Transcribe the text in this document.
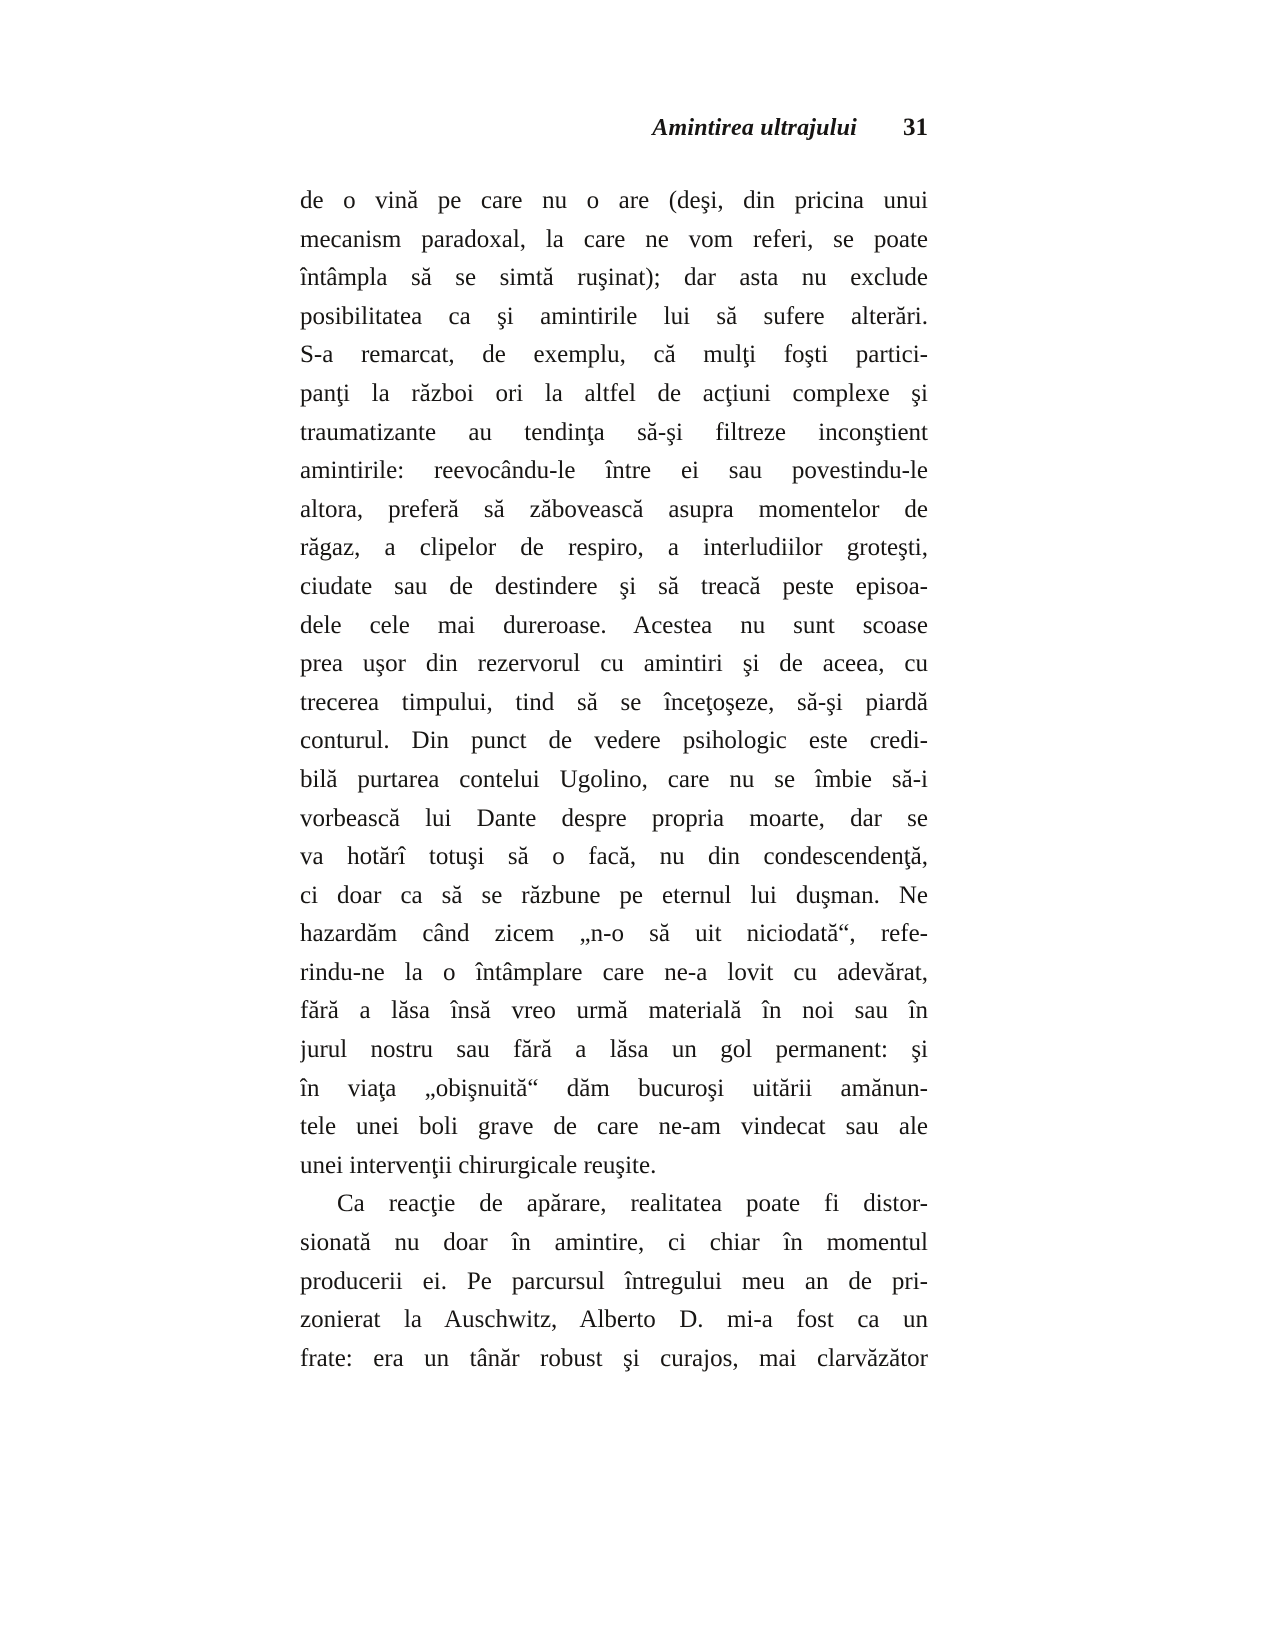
Amintirea ultrajului 31
de o vină pe care nu o are (deşi, din pricina unui
mecanism paradoxal, la care ne vom referi, se poate
întâmpla să se simtă ruşinat); dar asta nu exclude
posibilitatea ca şi amintirile lui să sufere alterări.
S-a remarcat, de exemplu, că mulţi foşti partici-
panţi la război ori la altfel de acţiuni complexe şi
traumatizante au tendinţa să-şi filtreze inconştient
amintirile: reevocându-le între ei sau povestindu-le
altora, preferă să zăbovească asupra momentelor de
răgaz, a clipelor de respiro, a interludiilor groteşti,
ciudate sau de destindere şi să treacă peste episoa-
dele cele mai dureroase. Acestea nu sunt scoase
prea uşor din rezervorul cu amintiri şi de aceea, cu
trecerea timpului, tind să se înceţoşeze, să-şi piardă
conturul. Din punct de vedere psihologic este credi-
bilă purtarea contelui Ugolino, care nu se îmbie să-i
vorbească lui Dante despre propria moarte, dar se
va hotărî totuşi să o facă, nu din condescendenţă,
ci doar ca să se răzbune pe eternul lui duşman. Ne
hazardăm când zicem „n-o să uit niciodată“, refe-
rindu-ne la o întâmplare care ne-a lovit cu adevărat,
fără a lăsa însă vreo urmă materială în noi sau în
jurul nostru sau fără a lăsa un gol permanent: şi
în viaţa „obişnuită“ dăm bucuroşi uitării amănun-
tele unei boli grave de care ne-am vindecat sau ale
unei intervenţii chirurgicale reuşite.
Ca reacţie de apărare, realitatea poate fi distor-
sionată nu doar în amintire, ci chiar în momentul
producerii ei. Pe parcursul întregului meu an de pri-
zonierat la Auschwitz, Alberto D. mi-a fost ca un
frate: era un tânăr robust şi curajos, mai clarvăzător
